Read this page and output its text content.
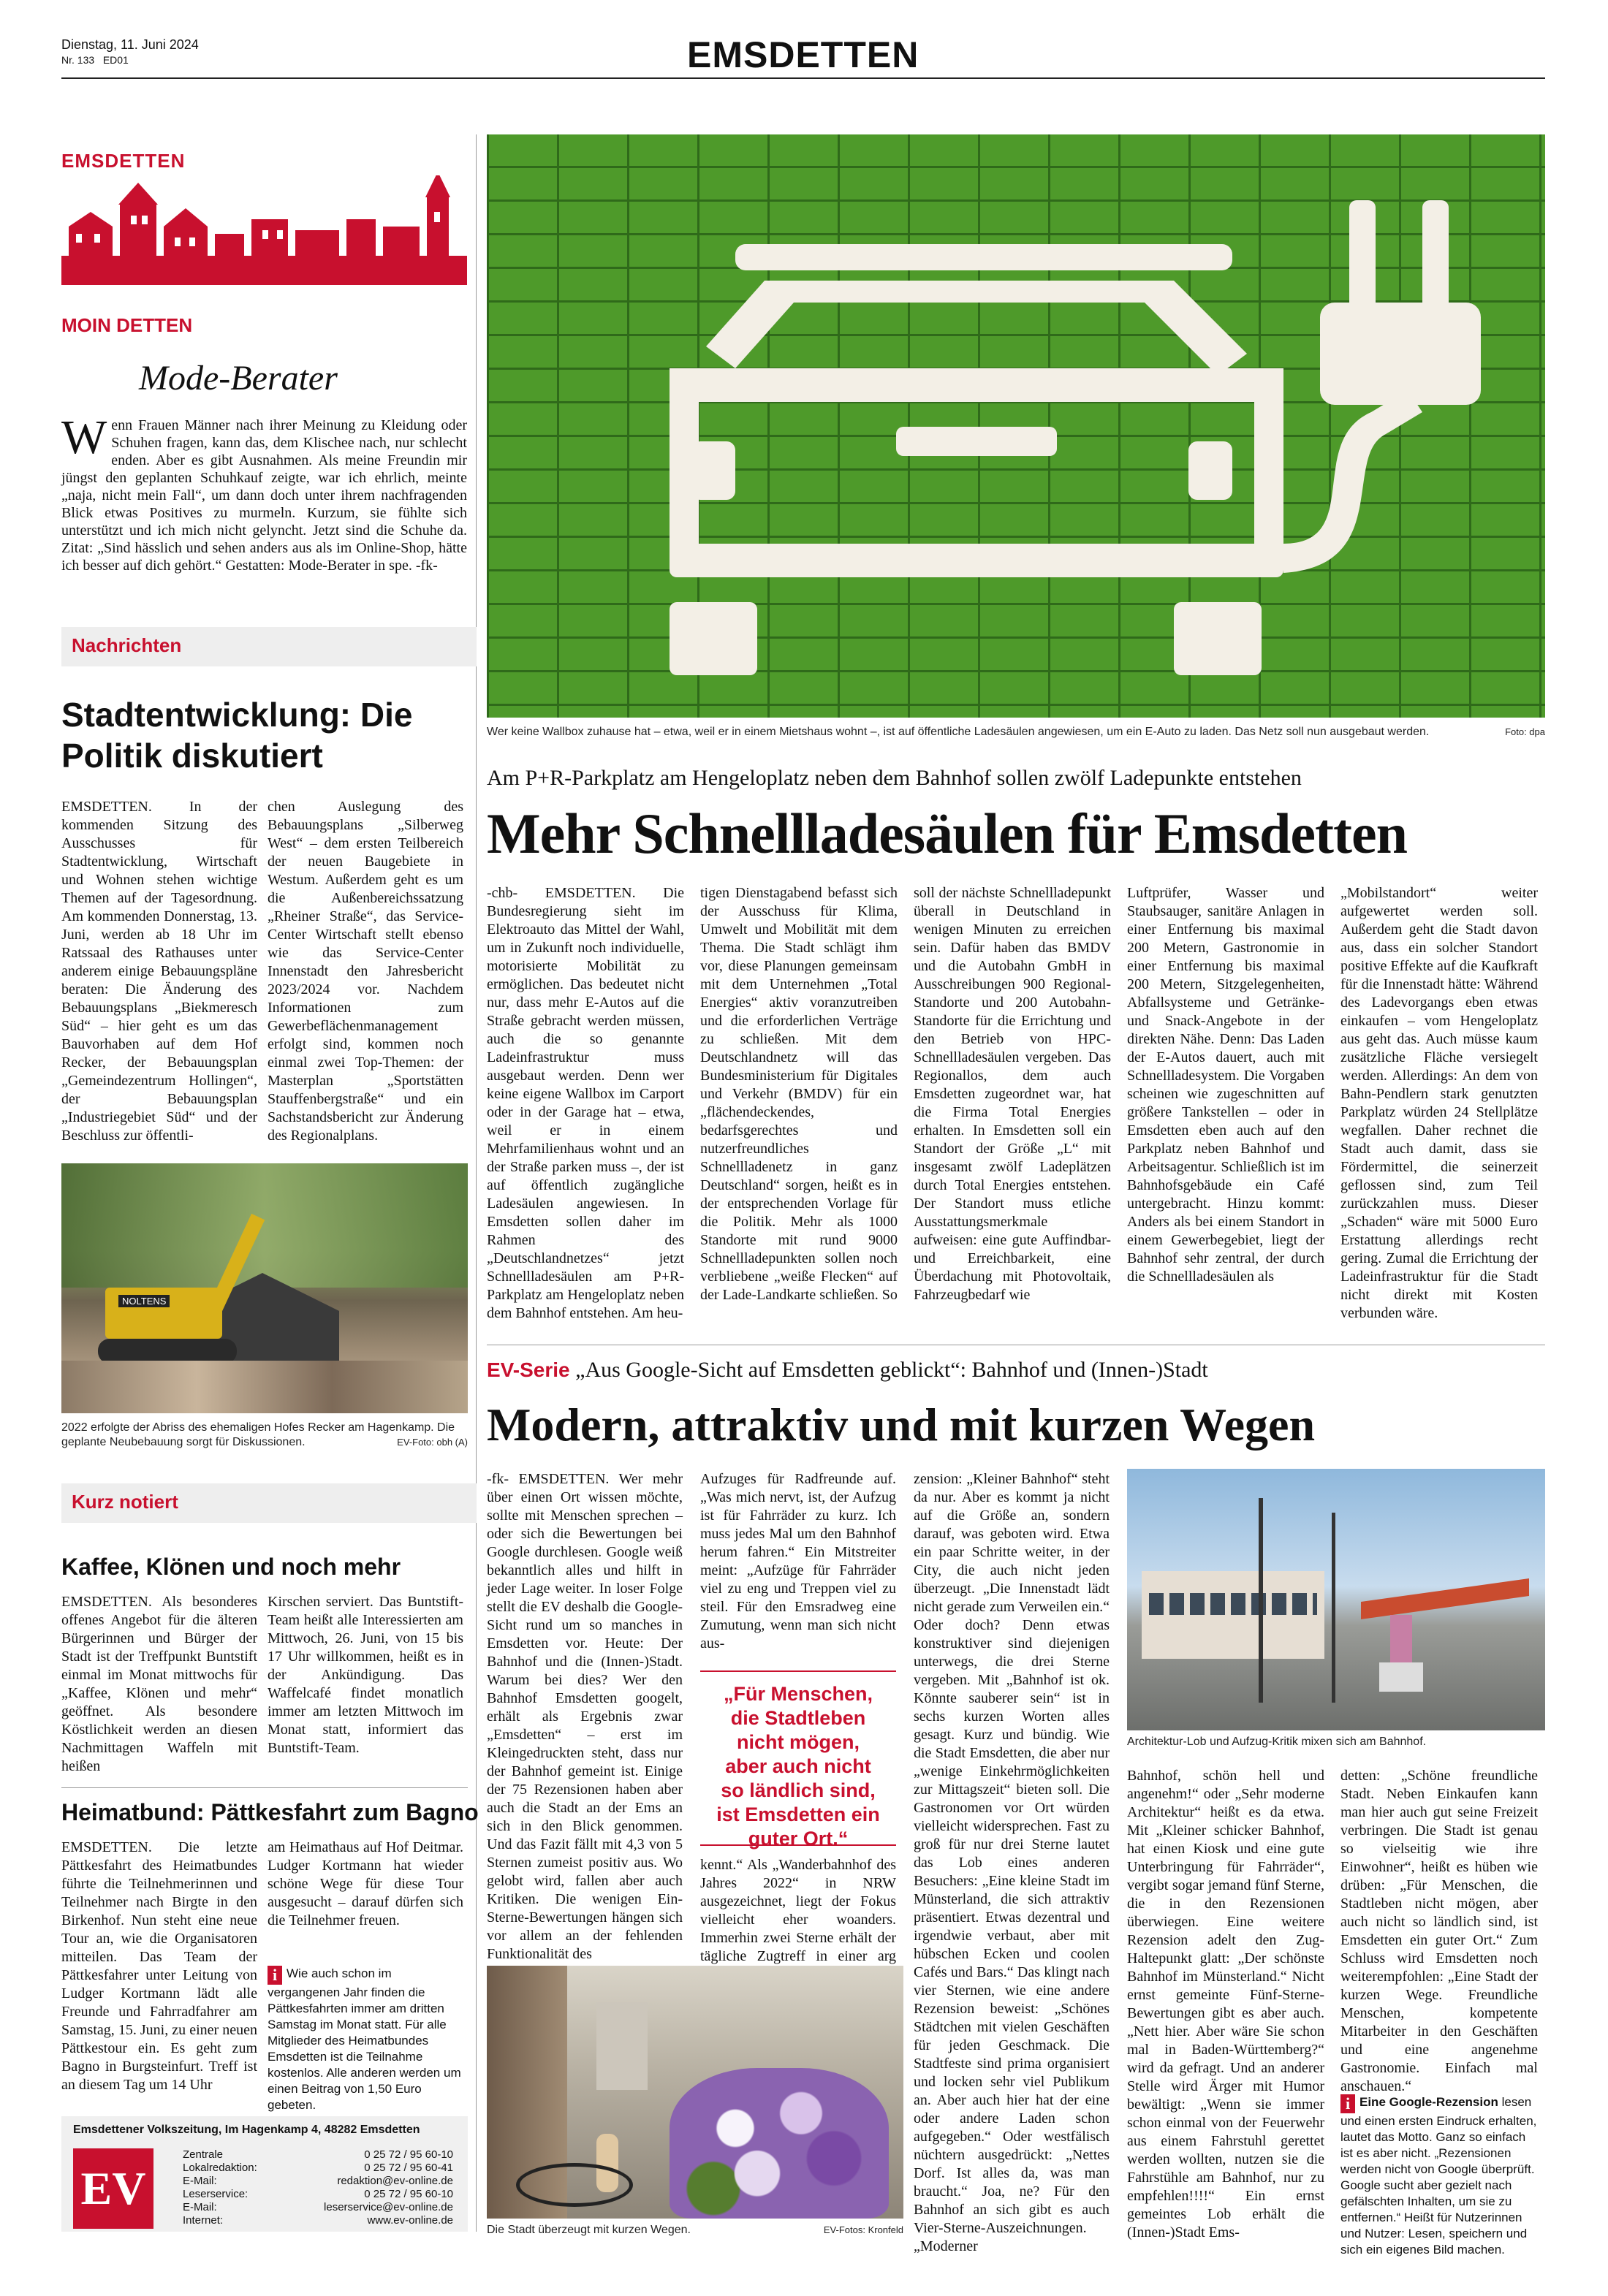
Dienstag, 11. Juni 2024
Nr. 133 ED01	EMSDETTEN
EMSDETTEN
MOIN DETTEN
Mode-Berater
W enn Frauen Männer nach ihrer Meinung zu Kleidung oder Schuhen fragen, kann das, dem Klischee nach, nur schlecht enden. Aber es gibt Ausnahmen. Als meine Freundin mir jüngst den geplanten Schuhkauf zeigte, war ich ehrlich, meinte „naja, nicht mein Fall“, um dann doch unter ihrem nachfragenden Blick etwas Positives zu murmeln. Kurzum, sie fühlte sich unterstützt und ich mich nicht gelyncht. Jetzt sind die Schuhe da. Zitat: „Sind hässlich und sehen anders aus als im Online-Shop, hätte ich besser auf dich gehört.“ Gestatten: Mode-Berater in spe. -fk-
Nachrichten
Stadtentwicklung: Die Politik diskutiert
EMSDETTEN. In der kommenden Sitzung des Ausschusses für Stadtentwicklung, Wirtschaft und Wohnen stehen wichtige Themen auf der Tagesordnung. Am kommenden Donnerstag, 13. Juni, werden ab 18 Uhr im Ratssaal des Rathauses unter anderem einige Bebauungspläne beraten: Die Änderung des Bebauungsplans „Biekmeresch Süd“ – hier geht es um das Bauvorhaben auf dem Hof Recker, der Bebauungsplan „Gemeindezentrum Hollingen“, der Bebauungsplan „Industriegebiet Süd“ und der Beschluss zur öffentli-
chen Auslegung des Bebauungsplans „Silberweg West“ – dem ersten Teilbereich der neuen Baugebiete in Westum. Außerdem geht es um die Außenbereichssatzung „Rheiner Straße“, das Service-Center Wirtschaft stellt ebenso wie das Service-Center Innenstadt den Jahresbericht 2023/2024 vor. Nachdem Informationen zum Gewerbeflächenmanagement erfolgt sind, kommen noch einmal zwei Top-Themen: der Masterplan „Sportstätten Stauffenbergstraße“ und ein Sachstandsbericht zur Änderung des Regionalplans.
NOLTENS
2022 erfolgte der Abriss des ehemaligen Hofes Recker am Hagenkamp. Die geplante Neubebauung sorgt für Diskussionen.	EV-Foto: obh (A)
Kurz notiert
Kaffee, Klönen und noch mehr
EMSDETTEN. Als besonderes offenes Angebot für die älteren Bürgerinnen und Bürger der Stadt ist der Treffpunkt Buntstift einmal im Monat mittwochs für „Kaffee, Klönen und mehr“ geöffnet. Als besondere Köstlichkeit werden an diesen Nachmittagen Waffeln mit heißen
Kirschen serviert. Das Buntstift-Team heißt alle Interessierten am Mittwoch, 26. Juni, von 15 bis 17 Uhr willkommen, heißt es in der Ankündigung. Das Waffelcafé findet monatlich immer am letzten Mittwoch im Monat statt, informiert das Buntstift-Team.
Heimatbund: Pättkesfahrt zum Bagno
EMSDETTEN. Die letzte Pättkesfahrt des Heimatbundes führte die Teilnehmerinnen und Teilnehmer nach Birgte in den Birkenhof. Nun steht eine neue Tour an, wie die Organisatoren mitteilen. Das Team der Pättkesfahrer unter Leitung von Ludger Kortmann lädt alle Freunde und Fahrradfahrer am Samstag, 15. Juni, zu einer neuen Pättkestour ein. Es geht zum Bagno in Burgsteinfurt. Treff ist an diesem Tag um 14 Uhr
am Heimathaus auf Hof Deitmar. Ludger Kortmann hat wieder schöne Wege für diese Tour ausgesucht – darauf dürfen sich die Teilnehmer freuen.
i Wie auch schon im vergangenen Jahr finden die Pättkesfahrten immer am dritten Samstag im Monat statt. Für alle Mitglieder des Heimatbundes Emsdetten ist die Teilnahme kostenlos. Alle anderen werden um einen Beitrag von 1,50 Euro gebeten.
Emsdettener Volkszeitung, Im Hagenkamp 4, 48282 Emsdetten
EV
Zentrale	0 25 72 / 95 60-10
Lokalredaktion:	0 25 72 / 95 60-41
E-Mail:	redaktion@ev-online.de
Leserservice:	0 25 72 / 95 60-10
E-Mail:	leserservice@ev-online.de
Internet:	www.ev-online.de
Wer keine Wallbox zuhause hat – etwa, weil er in einem Mietshaus wohnt –, ist auf öffentliche Ladesäulen angewiesen, um ein E-Auto zu laden. Das Netz soll nun ausgebaut werden.	Foto: dpa
Am P+R-Parkplatz am Hengeloplatz neben dem Bahnhof sollen zwölf Ladepunkte entstehen
Mehr Schnellladesäulen für Emsdetten
-chb- EMSDETTEN. Die Bundesregierung sieht im Elektroauto das Mittel der Wahl, um in Zukunft noch individuelle, motorisierte Mobilität zu ermöglichen. Das bedeutet nicht nur, dass mehr E-Autos auf die Straße gebracht werden müssen, auch die so genannte Ladeinfrastruktur muss ausgebaut werden. Denn wer keine eigene Wallbox im Carport oder in der Garage hat – etwa, weil er in einem Mehrfamilienhaus wohnt und an der Straße parken muss –, der ist auf öffentlich zugängliche Ladesäulen angewiesen. In Emsdetten sollen daher im Rahmen des „Deutschlandnetzes“ jetzt Schnellladesäulen am P+R-Parkplatz am Hengeloplatz neben dem Bahnhof entstehen. Am heu-
tigen Dienstagabend befasst sich der Ausschuss für Klima, Umwelt und Mobilität mit dem Thema. Die Stadt schlägt ihm vor, diese Planungen gemeinsam mit dem Unternehmen „Total Energies“ aktiv voranzutreiben und die erforderlichen Verträge zu schließen. Mit dem Deutschlandnetz will das Bundesministerium für Digitales und Verkehr (BMDV) für ein „flächendeckendes, bedarfsgerechtes und nutzerfreundliches Schnellladenetz in ganz Deutschland“ sorgen, heißt es in der entsprechenden Vorlage für die Politik. Mehr als 1000 Standorte mit rund 9000 Schnellladepunkten sollen noch verbliebene „weiße Flecken“ auf der Lade-Landkarte schließen. So
soll der nächste Schnellladepunkt überall in Deutschland in wenigen Minuten zu erreichen sein. Dafür haben das BMDV und die Autobahn GmbH in Ausschreibungen 900 Regional-Standorte und 200 Autobahn-Standorte für die Errichtung und den Betrieb von HPC-Schnellladesäulen vergeben. Das Regionallos, dem auch Emsdetten zugeordnet war, hat die Firma Total Energies erhalten. In Emsdetten soll ein Standort der Größe „L“ mit insgesamt zwölf Ladeplätzen durch Total Energies entstehen. Der Standort muss etliche Ausstattungsmerkmale aufweisen: eine gute Auffindbar- und Erreichbarkeit, eine Überdachung mit Photovoltaik, Fahrzeugbedarf wie
Luftprüfer, Wasser und Staubsauger, sanitäre Anlagen in einer Entfernung bis maximal 200 Metern, Gastronomie in einer Entfernung bis maximal 200 Metern, Sitzgelegenheiten, Abfallsysteme und Getränke- und Snack-Angebote in der direkten Nähe. Denn: Das Laden der E-Autos dauert, auch mit Schnellladesystem. Die Vorgaben scheinen wie zugeschnitten auf größere Tankstellen – oder in Emsdetten eben auch auf den Parkplatz neben Bahnhof und Arbeitsagentur. Schließlich ist im Bahnhofsgebäude ein Café untergebracht. Hinzu kommt: Anders als bei einem Standort in einem Gewerbegebiet, liegt der Bahnhof sehr zentral, der durch die Schnellladesäulen als
„Mobilstandort“ weiter aufgewertet werden soll. Außerdem geht die Stadt davon aus, dass ein solcher Standort positive Effekte auf die Kaufkraft für die Innenstadt hätte: Während des Ladevorgangs eben etwas einkaufen – vom Hengeloplatz aus geht das. Auch müsse kaum zusätzliche Fläche versiegelt werden. Allerdings: An dem von Bahn-Pendlern stark genutzten Parkplatz würden 24 Stellplätze wegfallen. Daher rechnet die Stadt auch damit, dass sie Fördermittel, die seinerzeit geflossen sind, zum Teil zurückzahlen muss. Dieser „Schaden“ wäre mit 5000 Euro Erstattung allerdings recht gering. Zumal die Errichtung der Ladeinfrastruktur für die Stadt nicht direkt mit Kosten verbunden wäre.
EV-Serie „Aus Google-Sicht auf Emsdetten geblickt“: Bahnhof und (Innen-)Stadt
Modern, attraktiv und mit kurzen Wegen
-fk- EMSDETTEN. Wer mehr über einen Ort wissen möchte, sollte mit Menschen sprechen – oder sich die Bewertungen bei Google durchlesen. Google weiß bekanntlich alles und hilft in jeder Lage weiter. In loser Folge stellt die EV deshalb die Google-Sicht rund um so manches in Emsdetten vor. Heute: Der Bahnhof und die (Innen-)Stadt. Warum bei dies? Wer den Bahnhof Emsdetten googelt, erhält als Ergebnis zwar „Emsdetten“ – erst im Kleingedruckten steht, dass nur der Bahnhof gemeint ist. Einige der 75 Rezensionen haben aber auch die Stadt an der Ems an sich in den Blick genommen. Und das Fazit fällt mit 4,3 von 5 Sternen zumeist positiv aus. Wo gelobt wird, fallen aber auch Kritiken. Die wenigen Ein-Sterne-Bewertungen hängen sich vor allem an der fehlenden Funktionalität des
Aufzuges für Radfreunde auf. „Was mich nervt, ist, der Aufzug ist für Fahrräder zu kurz. Ich muss jedes Mal um den Bahnhof herum fahren.“ Ein Mitstreiter meint: „Aufzüge für Fahrräder viel zu eng und Treppen viel zu steil. Für den Emsradweg eine Zumutung, wenn man sich nicht aus-
„Für Menschen, die Stadtleben nicht mögen, aber auch nicht so ländlich sind, ist Emsdetten ein guter Ort.“
kennt.“ Als „Wanderbahnhof des Jahres 2022“ in NRW ausgezeichnet, liegt der Fokus vielleicht eher woanders. Immerhin zwei Sterne erhält der tägliche Zugtreff in einer arg
zension: „Kleiner Bahnhof“ steht da nur. Aber es kommt ja nicht auf die Größe an, sondern darauf, was geboten wird. Etwa ein paar Schritte weiter, in der City, die auch nicht jeden überzeugt. „Die Innenstadt lädt nicht gerade zum Verweilen ein.“ Oder doch? Denn etwas konstruktiver sind diejenigen unterwegs, die drei Sterne vergeben. Mit „Bahnhof ist ok. Könnte sauberer sein“ ist in sechs kurzen Worten alles gesagt. Kurz und bündig. Wie die Stadt Emsdetten, die aber nur „wenige Einkehrmöglichkeiten zur Mittagszeit“ bieten soll. Die Gastronomen vor Ort würden vielleicht widersprechen. Fast zu groß für nur drei Sterne lautet das Lob eines anderen Besuchers: „Eine kleine Stadt im Münsterland, die sich attraktiv präsentiert. Etwas dezentral und irgendwie verbaut, aber mit hübschen Ecken und coolen Cafés und Bars.“ Das klingt nach vier Sternen, wie eine andere Rezension beweist: „Schönes Städtchen mit vielen Geschäften für jeden Geschmack. Die Stadtfeste sind prima organisiert und locken sehr viel Publikum an. Aber auch hier hat der eine oder andere Laden schon aufgegeben.“ Oder westfälisch nüchtern ausgedrückt: „Nettes Dorf. Ist alles da, was man braucht.“ Joa, ne? Für den Bahnhof an sich gibt es auch Vier-Sterne-Auszeichnungen. „Moderner
Architektur-Lob und Aufzug-Kritik mixen sich am Bahnhof.
Bahnhof, schön hell und angenehm!“ oder „Sehr moderne Architektur“ heißt es da etwa. Mit „Kleiner schicker Bahnhof, hat einen Kiosk und eine gute Unterbringung für Fahrräder“, vergibt sogar jemand fünf Sterne, die in den Rezensionen überwiegen. Eine weitere Rezension adelt den Zug-Haltepunkt glatt: „Der schönste Bahnhof im Münsterland.“ Nicht ernst gemeinte Fünf-Sterne-Bewertungen gibt es aber auch. „Nett hier. Aber wäre Sie schon mal in Baden-Württemberg?“ wird da gefragt. Und an anderer Stelle wird Ärger mit Humor bewältigt: „Wenn sie immer schon einmal von der Feuerwehr aus einem Fahrstuhl gerettet werden wollten, nutzen sie die Fahrstühle am Bahnhof, nur zu empfehlen!!!!“ Ein ernst gemeintes Lob erhält die (Innen-)Stadt Ems-
detten: „Schöne freundliche Stadt. Neben Einkaufen kann man hier auch gut seine Freizeit verbringen. Die Stadt ist genau so vielseitig wie ihre Einwohner“, heißt es hüben wie drüben: „Für Menschen, die Stadtleben nicht mögen, aber auch nicht so ländlich sind, ist Emsdetten ein guter Ort.“ Zum Schluss wird Emsdetten noch weiterempfohlen: „Eine Stadt der kurzen Wege. Freundliche Menschen, kompetente Mitarbeiter in den Geschäften und eine angenehme Gastronomie. Einfach mal anschauen.“
i Eine Google-Rezension lesen und einen ersten Eindruck erhalten, lautet das Motto. Ganz so einfach ist es aber nicht. „Rezensionen werden nicht von Google überprüft. Google sucht aber gezielt nach gefälschten Inhalten, um sie zu entfernen.“ Heißt für Nutzerinnen und Nutzer: Lesen, speichern und sich ein eigenes Bild machen.
Die Stadt überzeugt mit kurzen Wegen.	EV-Fotos: Kronfeld
